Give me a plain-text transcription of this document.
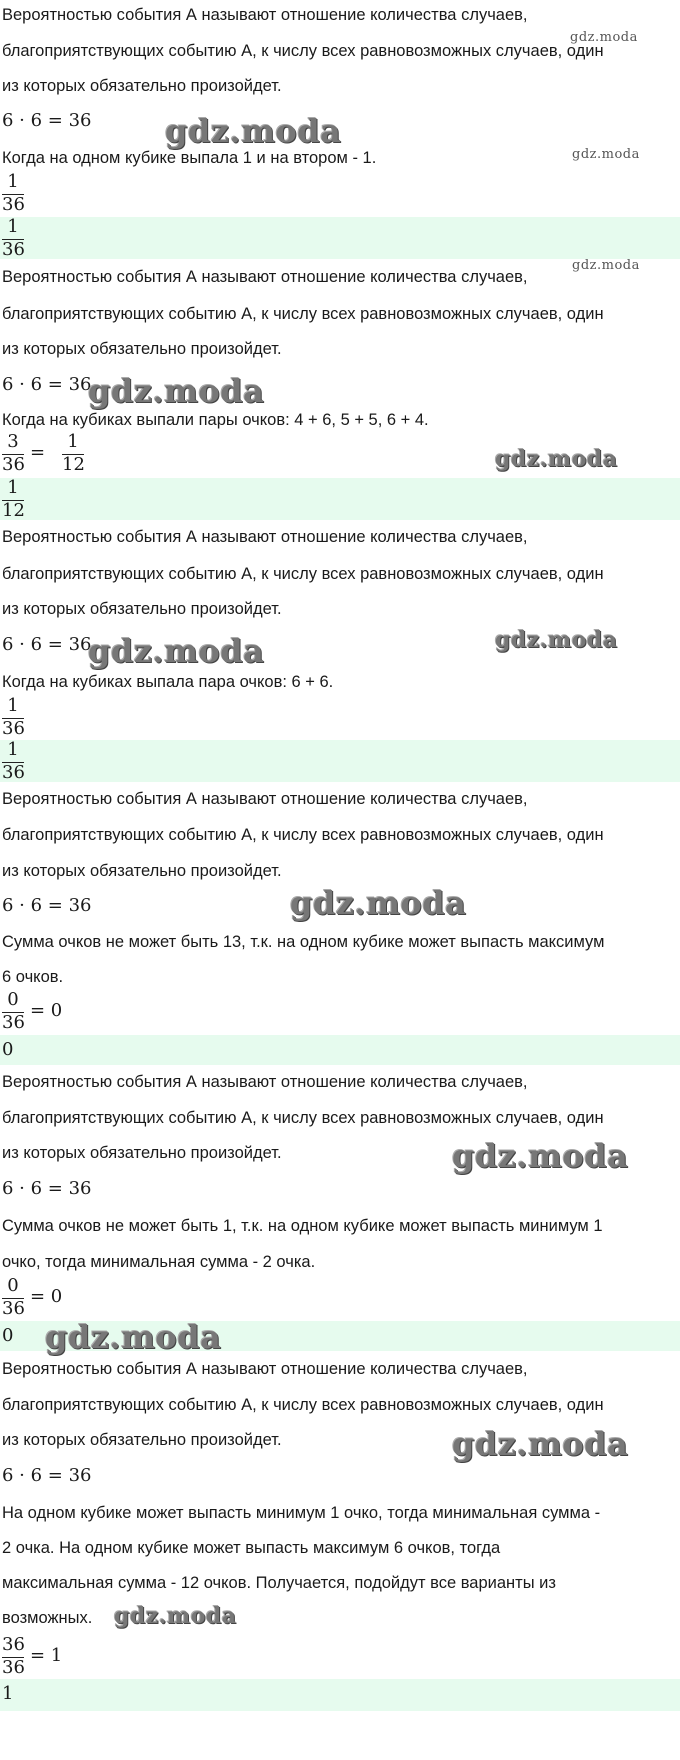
Вероятностью события А называют отношение количества случаев,
благоприятствующих событию А, к числу всех равновозможных случаев, один
из которых обязательно произойдет.
6 · 6 = 36
Когда на одном кубике выпала 1 и на втором - 1.
1
36
1
36
Вероятностью события А называют отношение количества случаев,
благоприятствующих событию А, к числу всех равновозможных случаев, один
из которых обязательно произойдет.
6 · 6 = 36
Когда на кубиках выпали пары очков: 4 + 6, 5 + 5, 6 + 4.
3
36
=
1
12
1
12
Вероятностью события А называют отношение количества случаев,
благоприятствующих событию А, к числу всех равновозможных случаев, один
из которых обязательно произойдет.
6 · 6 = 36
Когда на кубиках выпала пара очков: 6 + 6.
1
36
1
36
Вероятностью события А называют отношение количества случаев,
благоприятствующих событию А, к числу всех равновозможных случаев, один
из которых обязательно произойдет.
6 · 6 = 36
Сумма очков не может быть 13, т.к. на одном кубике может выпасть максимум
6 очков.
0
36
= 0
0
Вероятностью события А называют отношение количества случаев,
благоприятствующих событию А, к числу всех равновозможных случаев, один
из которых обязательно произойдет.
6 · 6 = 36
Сумма очков не может быть 1, т.к. на одном кубике может выпасть минимум 1
очко, тогда минимальная сумма - 2 очка.
0
36
= 0
0
Вероятностью события А называют отношение количества случаев,
благоприятствующих событию А, к числу всех равновозможных случаев, один
из которых обязательно произойдет.
6 · 6 = 36
На одном кубике может выпасть минимум 1 очко, тогда минимальная сумма -
2 очка. На одном кубике может выпасть максимум 6 очков, тогда
максимальная сумма - 12 очков. Получается, подойдут все варианты из
возможных.
36
36
= 1
1
gdz.moda
gdz.moda
gdz.moda
gdz.moda
gdz.moda
gdz.moda
gdz.moda	gdz.moda
gdz.moda
gdz.moda
gdz.moda
gdz.moda
gdz.moda
